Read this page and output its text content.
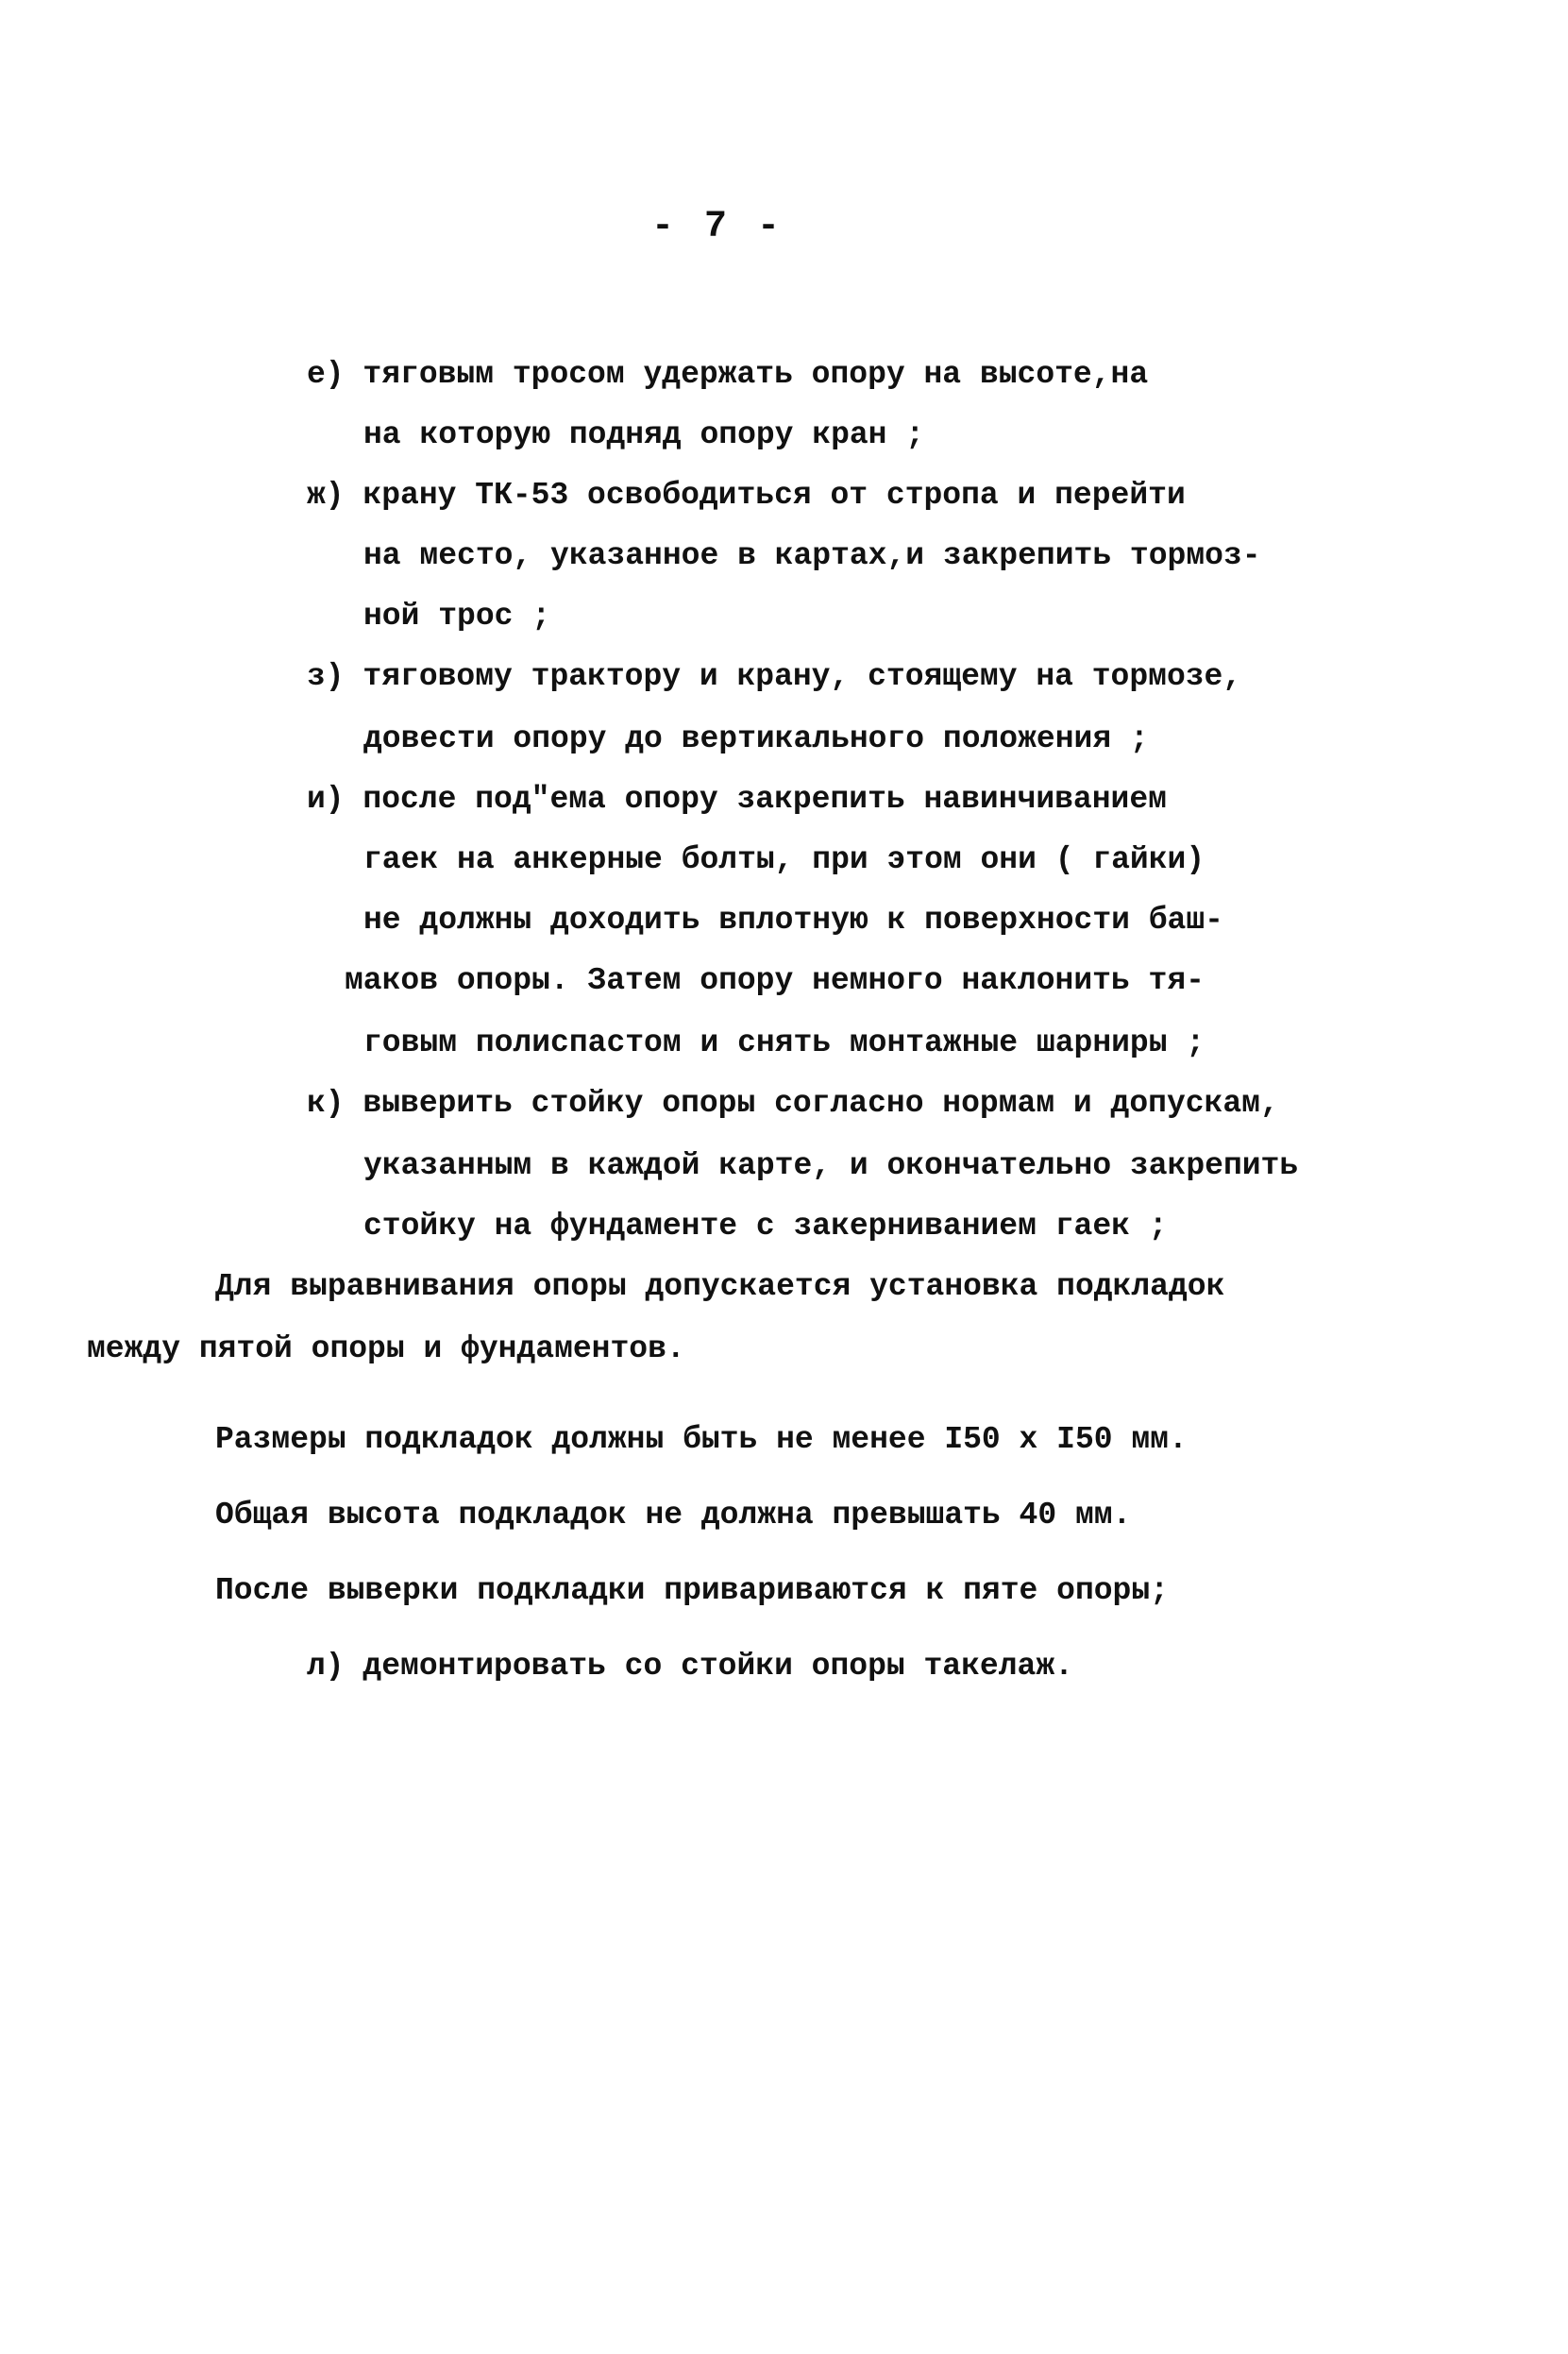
- 7 -
е) тяговым тросом удержать опору на высоте,на
на которую подняд опору кран ;
ж) крану ТК-53 освободиться от стропа и перейти
на место, указанное в картах,и закрепить тормоз-
ной трос ;
з) тяговому трактору и крану, стоящему на тормозе,
довести опору до вертикального положения ;
и) после под"ема опору закрепить навинчиванием
гаек на анкерные болты, при этом они ( гайки)
не должны доходить вплотную к поверхности баш-
маков опоры. Затем опору немного наклонить тя-
говым полиспастом и снять монтажные шарниры ;
к) выверить стойку опоры согласно нормам и допускам,
указанным в каждой карте, и окончательно закрепить
стойку на фундаменте с закерниванием гаек ;
Для выравнивания опоры допускается установка подкладок
между пятой опоры и фундаментов.
Размеры подкладок должны быть не менее I50 x I50 мм.
Общая высота подкладок не должна превышать 40 мм.
После выверки подкладки привариваются к пяте опоры;
л) демонтировать со стойки опоры такелаж.
